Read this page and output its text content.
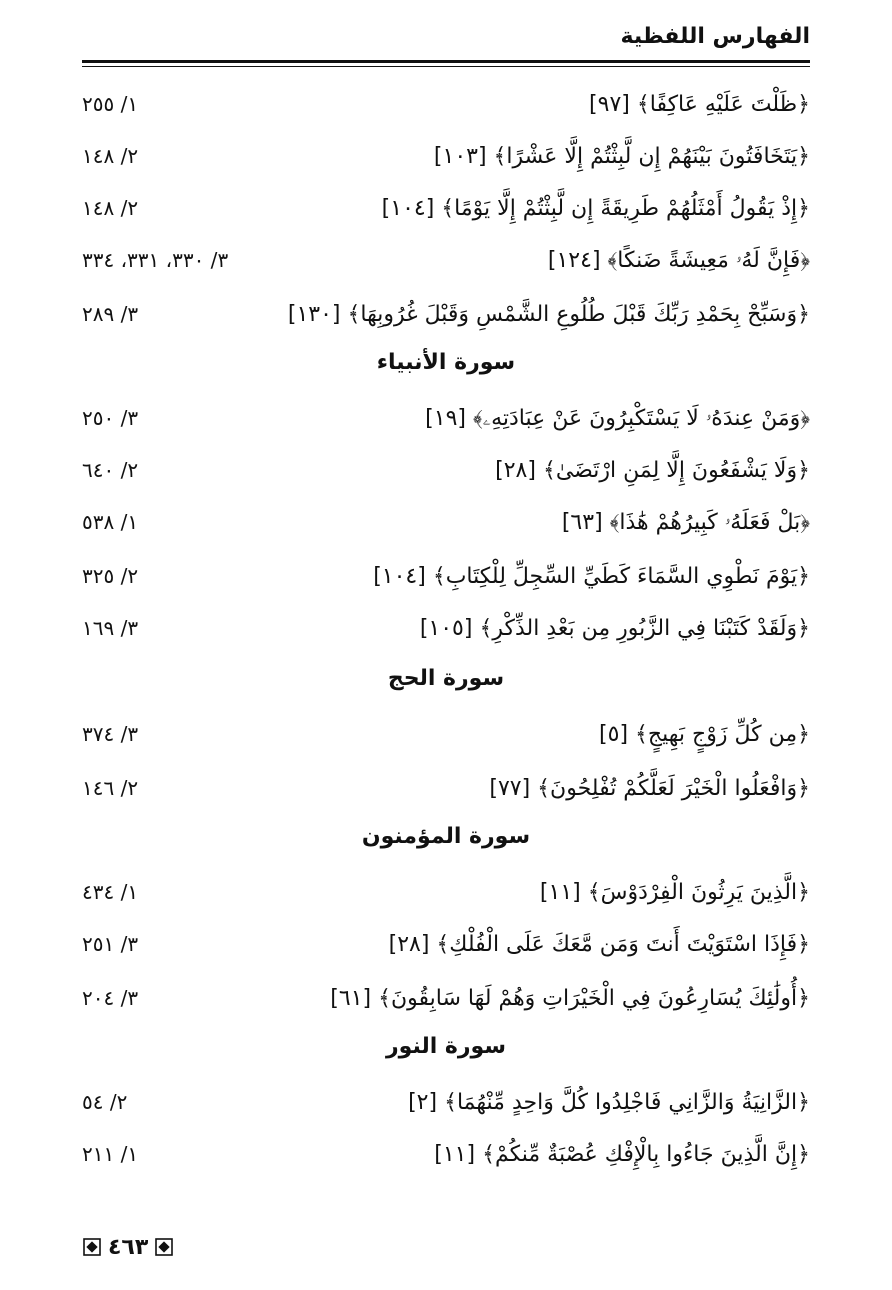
الفهارس اللفظية
﴿ظَلْتَ عَلَيْهِ عَاكِفًا﴾ [٩٧]
١/ ٢٥٥
﴿يَتَخَافَتُونَ بَيْنَهُمْ إِن لَّبِثْتُمْ إِلَّا عَشْرًا﴾ [١٠٣]
٢/ ١٤٨
﴿إِذْ يَقُولُ أَمْثَلُهُمْ طَرِيقَةً إِن لَّبِثْتُمْ إِلَّا يَوْمًا﴾ [١٠٤]
٢/ ١٤٨
﴿فَإِنَّ لَهُۥ مَعِيشَةً ضَنكًا﴾ [١٢٤]
٣/ ٣٣٠، ٣٣١، ٣٣٤
﴿وَسَبِّحْ بِحَمْدِ رَبِّكَ قَبْلَ طُلُوعِ الشَّمْسِ وَقَبْلَ غُرُوبِهَا﴾ [١٣٠]
٣/ ٢٨٩
سورة الأنبياء
﴿وَمَنْ عِندَهُۥ لَا يَسْتَكْبِرُونَ عَنْ عِبَادَتِهِۦ﴾ [١٩]
٣/ ٢٥٠
﴿وَلَا يَشْفَعُونَ إِلَّا لِمَنِ ارْتَضَىٰ﴾ [٢٨]
٢/ ٦٤٠
﴿بَلْ فَعَلَهُۥ كَبِيرُهُمْ هَٰذَا﴾ [٦٣]
١/ ٥٣٨
﴿يَوْمَ نَطْوِي السَّمَاءَ كَطَيِّ السِّجِلِّ لِلْكِتَابِ﴾ [١٠٤]
٢/ ٣٢٥
﴿وَلَقَدْ كَتَبْنَا فِي الزَّبُورِ مِن بَعْدِ الذِّكْرِ﴾ [١٠٥]
٣/ ١٦٩
سورة الحج
﴿مِن كُلِّ زَوْجٍ بَهِيجٍ﴾ [٥]
٣/ ٣٧٤
﴿وَافْعَلُوا الْخَيْرَ لَعَلَّكُمْ تُفْلِحُونَ﴾ [٧٧]
٢/ ١٤٦
سورة المؤمنون
﴿الَّذِينَ يَرِثُونَ الْفِرْدَوْسَ﴾ [١١]
١/ ٤٣٤
﴿فَإِذَا اسْتَوَيْتَ أَنتَ وَمَن مَّعَكَ عَلَى الْفُلْكِ﴾ [٢٨]
٣/ ٢٥١
﴿أُولَٰئِكَ يُسَارِعُونَ فِي الْخَيْرَاتِ وَهُمْ لَهَا سَابِقُونَ﴾ [٦١]
٣/ ٢٠٤
سورة النور
﴿الزَّانِيَةُ وَالزَّانِي فَاجْلِدُوا كُلَّ وَاحِدٍ مِّنْهُمَا﴾ [٢]
٢/ ٥٤
﴿إِنَّ الَّذِينَ جَاءُوا بِالْإِفْكِ عُصْبَةٌ مِّنكُمْ﴾ [١١]
١/ ٢١١
٤٦٣
